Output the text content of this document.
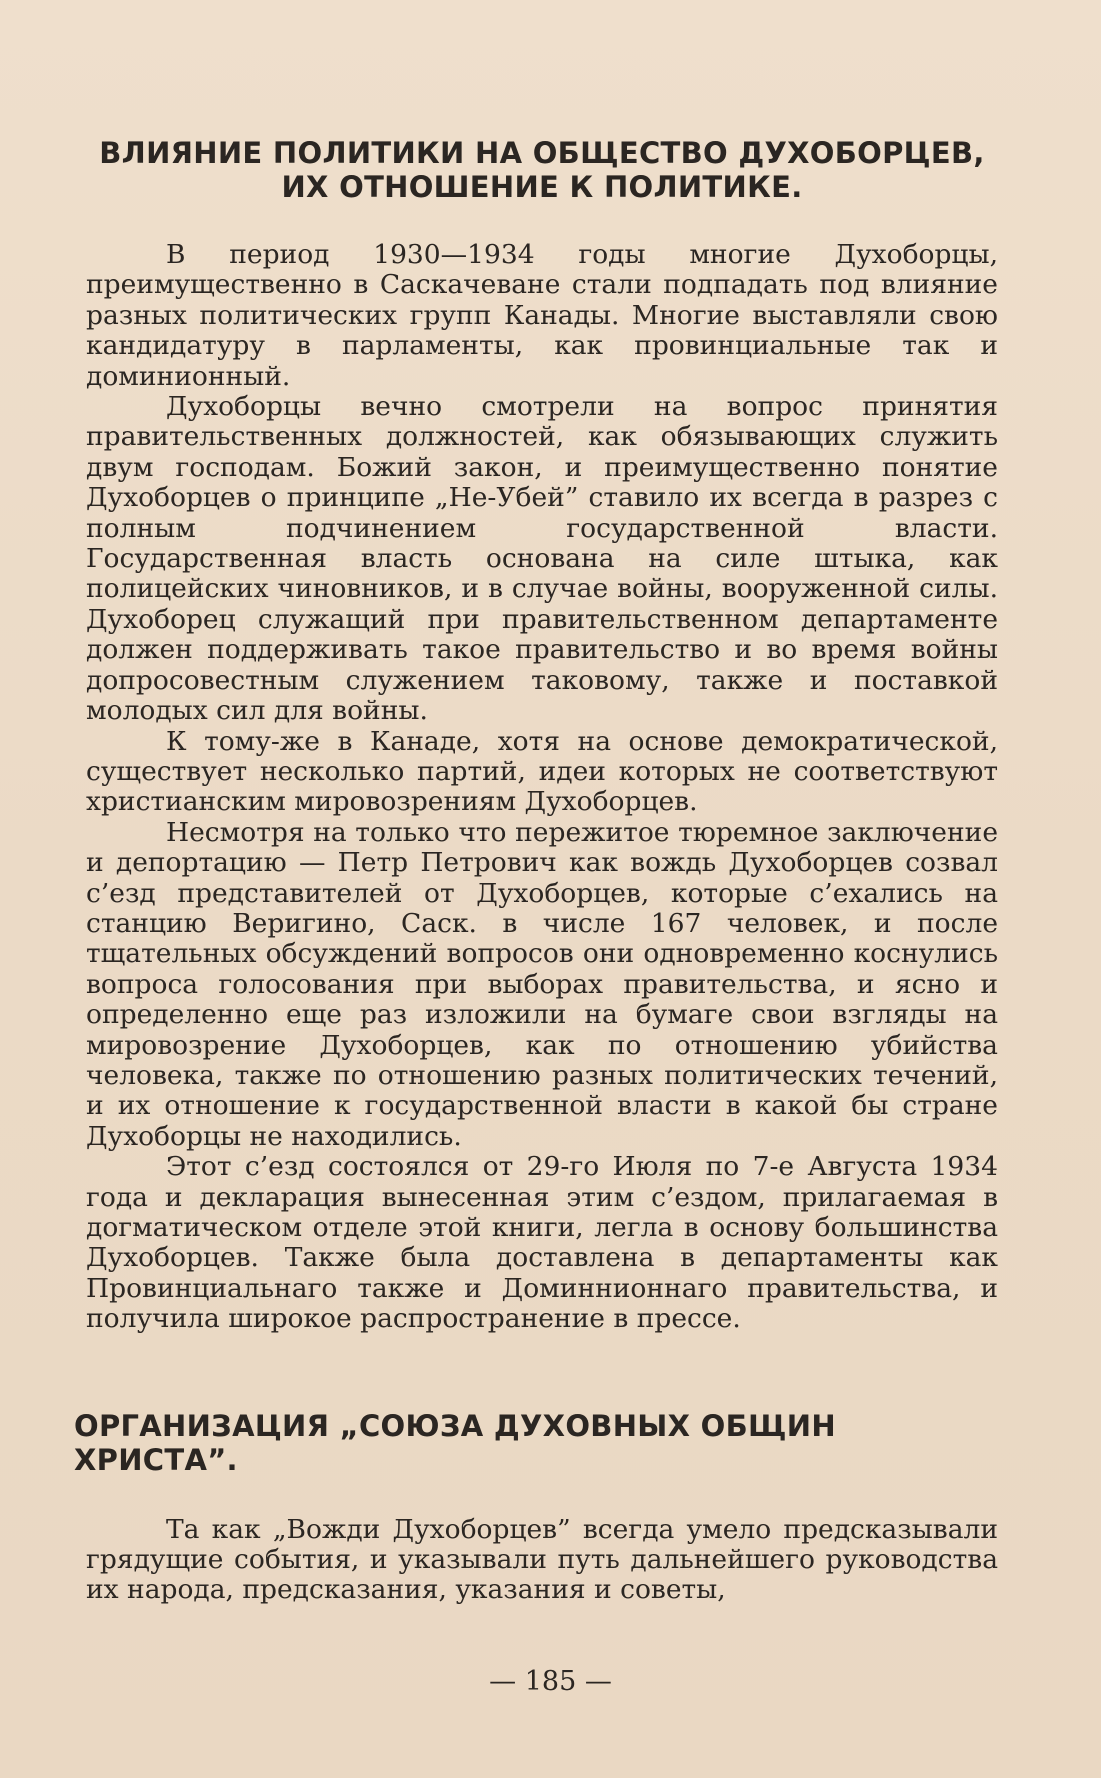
ВЛИЯНИЕ ПОЛИТИКИ НА ОБЩЕСТВО ДУХОБОРЦЕВ,
ИХ ОТНОШЕНИЕ К ПОЛИТИКЕ.

В период 1930—1934 годы многие Духоборцы, преимущественно в Саскачеване стали подпадать под влияние разных политических групп Канады. Многие выставляли свою кандидатуру в парламенты, как провинциальные так и доминионный.

Духоборцы вечно смотрели на вопрос принятия правительственных должностей, как обязывающих служить двум господам. Божий закон, и преимущественно понятие Духоборцев о принципе „Не-Убей” ставило их всегда в разрез с полным подчинением государственной власти. Государственная власть основана на силе штыка, как полицейских чиновников, и в случае войны, вооруженной силы. Духоборец служащий при правительственном департаменте должен поддерживать такое правительство и во время войны допросовестным служением таковому, также и поставкой молодых сил для войны.

К тому-же в Канаде, хотя на основе демократической, существует несколько партий, идеи которых не соответствуют христианским мировозрениям Духоборцев.

Несмотря на только что пережитое тюремное заключение и депортацию — Петр Петрович как вождь Духоборцев созвал с’езд представителей от Духоборцев, которые с’ехались на станцию Веригино, Саск. в числе 167 человек, и после тщательных обсуждений вопросов они одновременно коснулись вопроса голосования при выборах правительства, и ясно и определенно еще раз изложили на бумаге свои взгляды на мировозрение Духоборцев, как по отношению убийства человека, также по отношению разных политических течений, и их отношение к государственной власти в какой бы стране Духоборцы не находились.

Этот с’езд состоялся от 29-го Июля по 7-е Августа 1934 года и декларация вынесенная этим с’ездом, прилагаемая в догматическом отделе этой книги, легла в основу большинства Духоборцев. Также была доставлена в департаменты как Провинциальнаго также и Доминнионнаго правительства, и получила широкое распространение в прессе.

ОРГАНИЗАЦИЯ „СОЮЗА ДУХОВНЫХ ОБЩИН ХРИСТА”.

Та как „Вожди Духоборцев” всегда умело предсказывали грядущие события, и указывали путь дальнейшего руководства их народа, предсказания, указания и советы,

— 185 —
